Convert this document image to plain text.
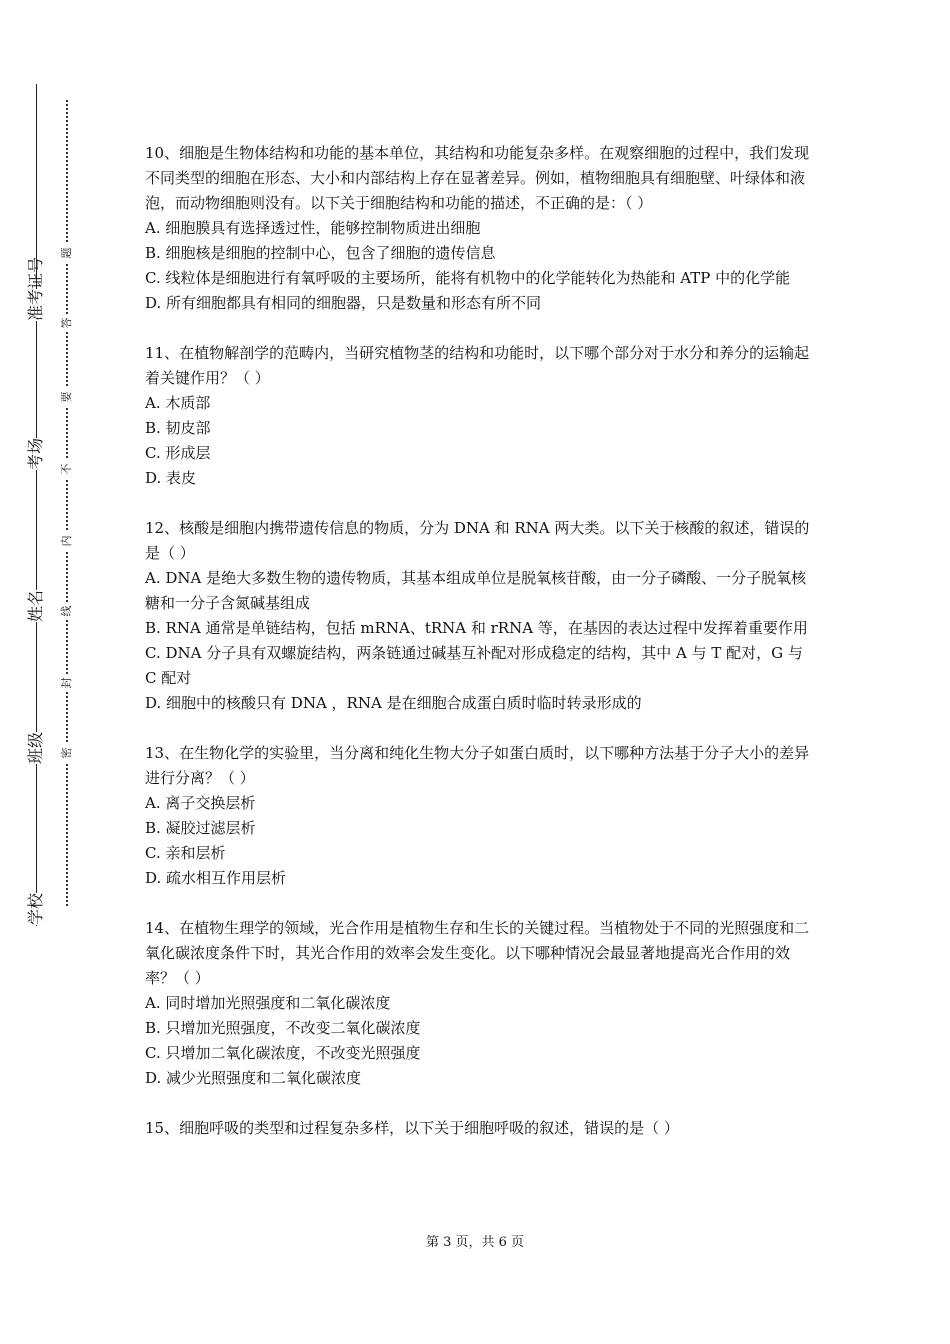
准考证号
考场
姓名
班级
学校
题
答
要
不
内
线
封
密

10、细胞是生物体结构和功能的基本单位，其结构和功能复杂多样。在观察细胞的过程中，我们发现不同类型的细胞在形态、大小和内部结构上存在显著差异。例如，植物细胞具有细胞壁、叶绿体和液泡，而动物细胞则没有。以下关于细胞结构和功能的描述，不正确的是：（ ）

A. 细胞膜具有选择透过性，能够控制物质进出细胞

B. 细胞核是细胞的控制中心，包含了细胞的遗传信息

C. 线粒体是细胞进行有氧呼吸的主要场所，能将有机物中的化学能转化为热能和 ATP 中的化学能

D. 所有细胞都具有相同的细胞器，只是数量和形态有所不同

11、在植物解剖学的范畴内，当研究植物茎的结构和功能时，以下哪个部分对于水分和养分的运输起着关键作用？（ ）

A. 木质部

B. 韧皮部

C. 形成层

D. 表皮

12、核酸是细胞内携带遗传信息的物质，分为 DNA 和 RNA 两大类。以下关于核酸的叙述，错误的是（ ）

A. DNA 是绝大多数生物的遗传物质，其基本组成单位是脱氧核苷酸，由一分子磷酸、一分子脱氧核糖和一分子含氮碱基组成

B. RNA 通常是单链结构，包括 mRNA、tRNA 和 rRNA 等，在基因的表达过程中发挥着重要作用

C. DNA 分子具有双螺旋结构，两条链通过碱基互补配对形成稳定的结构，其中 A 与 T 配对，G 与 C 配对

D. 细胞中的核酸只有 DNA ，RNA 是在细胞合成蛋白质时临时转录形成的

13、在生物化学的实验里，当分离和纯化生物大分子如蛋白质时，以下哪种方法基于分子大小的差异进行分离？（ ）

A. 离子交换层析

B. 凝胶过滤层析

C. 亲和层析

D. 疏水相互作用层析

14、在植物生理学的领域，光合作用是植物生存和生长的关键过程。当植物处于不同的光照强度和二氧化碳浓度条件下时，其光合作用的效率会发生变化。以下哪种情况会最显著地提高光合作用的效率？（ ）

A. 同时增加光照强度和二氧化碳浓度

B. 只增加光照强度，不改变二氧化碳浓度

C. 只增加二氧化碳浓度，不改变光照强度

D. 减少光照强度和二氧化碳浓度

15、细胞呼吸的类型和过程复杂多样，以下关于细胞呼吸的叙述，错误的是（ ）

第 3 页，共 6 页
